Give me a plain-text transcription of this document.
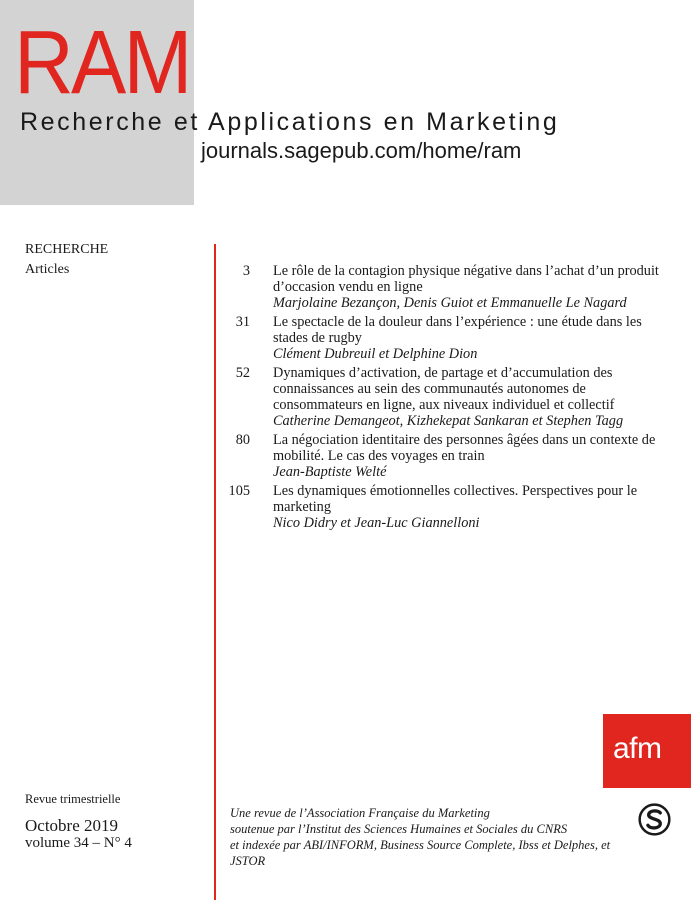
RAM
Recherche et Applications en Marketing
journals.sagepub.com/home/ram
RECHERCHE
Articles	3 Le rôle de la contagion physique négative dans l’achat d’un produit d’occasion vendu en ligne
Marjolaine Bezançon, Denis Guiot et Emmanuelle Le Nagard
31 Le spectacle de la douleur dans l’expérience : une étude dans les stades de rugby
Clément Dubreuil et Delphine Dion
52 Dynamiques d’activation, de partage et d’accumulation des connaissances au sein des communautés autonomes de consommateurs en ligne, aux niveaux individuel et collectif
Catherine Demangeot, Kizhekepat Sankaran et Stephen Tagg
80 La négociation identitaire des personnes âgées dans un contexte de mobilité. Le cas des voyages en train
Jean-Baptiste Welté
105 Les dynamiques émotionnelles collectives. Perspectives pour le marketing
Nico Didry et Jean-Luc Giannelloni
afm
Revue trimestrielle
Octobre 2019
volume 34 – N° 4
Une revue de l’Association Française du Marketing
soutenue par l’Institut des Sciences Humaines et Sociales du CNRS
et indexée par ABI/INFORM, Business Source Complete, Ibss et Delphes, et JSTOR
